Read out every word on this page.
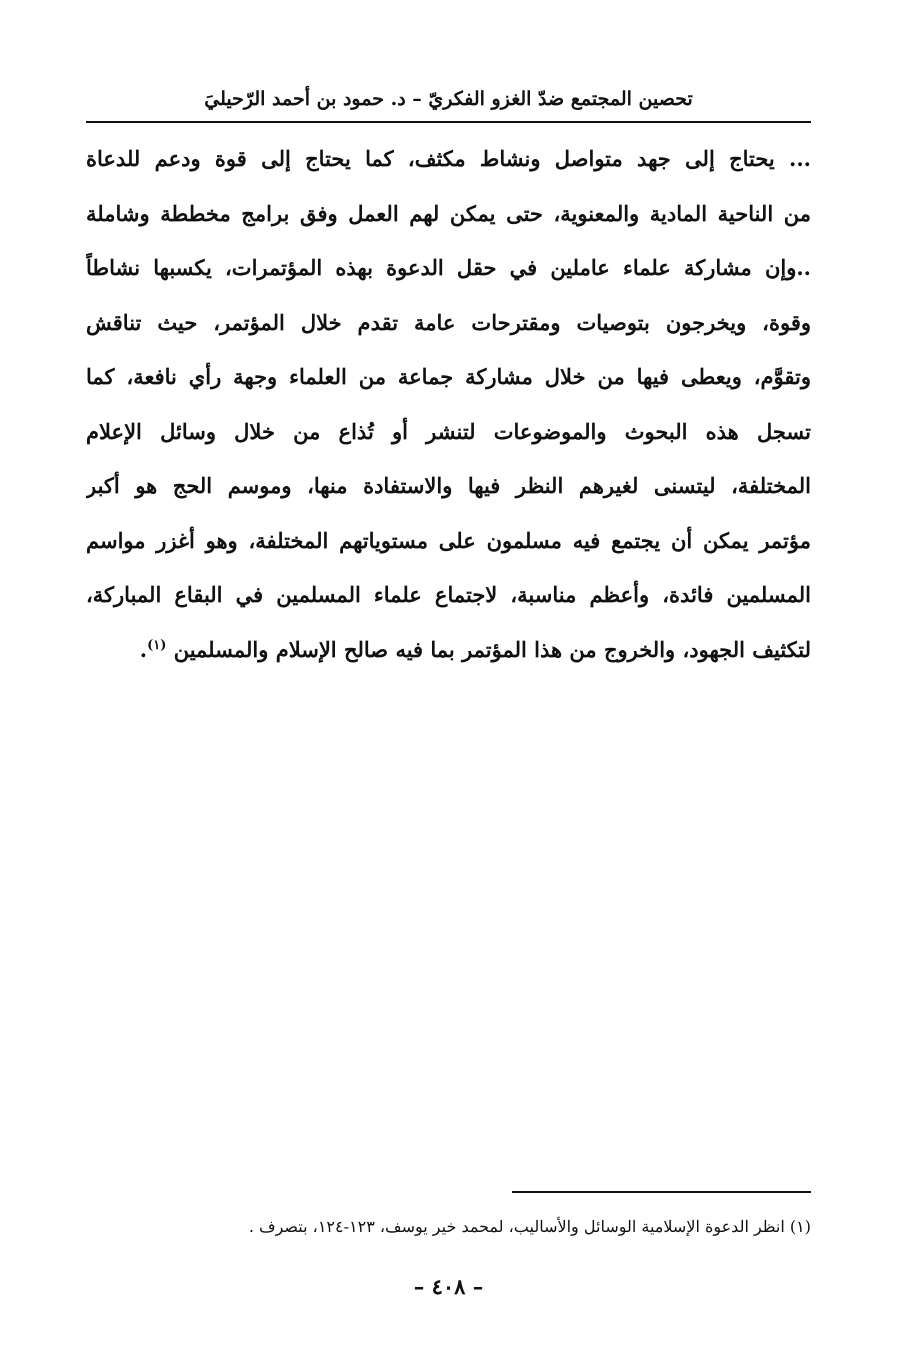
تحصين المجتمع ضدّ الغزو الفكريّ – د. حمود بن أحمد الرّحيليَ
... يحتاج إلى جهد متواصل ونشاط مكثف، كما يحتاج إلى قوة ودعم للدعاة
من الناحية المادية والمعنوية، حتى يمكن لهم العمل وفق برامج مخططة وشاملة
..وإن مشاركة علماء عاملين في حقل الدعوة بهذه المؤتمرات، يكسبها نشاطاً
وقوة، ويخرجون بتوصيات ومقترحات عامة تقدم خلال المؤتمر، حيث تناقش
وتقوَّم، ويعطى فيها من خلال مشاركة جماعة من العلماء وجهة رأي نافعة، كما
تسجل هذه البحوث والموضوعات لتنشر أو تُذاع من خلال وسائل الإعلام
المختلفة، ليتسنى لغيرهم النظر فيها والاستفادة منها، وموسم الحج هو أكبر
مؤتمر يمكن أن يجتمع فيه مسلمون على مستوياتهم المختلفة، وهو أغزر مواسم
المسلمين فائدة، وأعظم مناسبة، لاجتماع علماء المسلمين في البقاع المباركة،
لتكثيف الجهود، والخروج من هذا المؤتمر بما فيه صالح الإسلام والمسلمين $^{(١)}$.
(١) انظر الدعوة الإسلامية الوسائل والأساليب، لمحمد خير يوسف، ١٢٣-١٢٤، بتصرف .
– ٤٠٨ –
